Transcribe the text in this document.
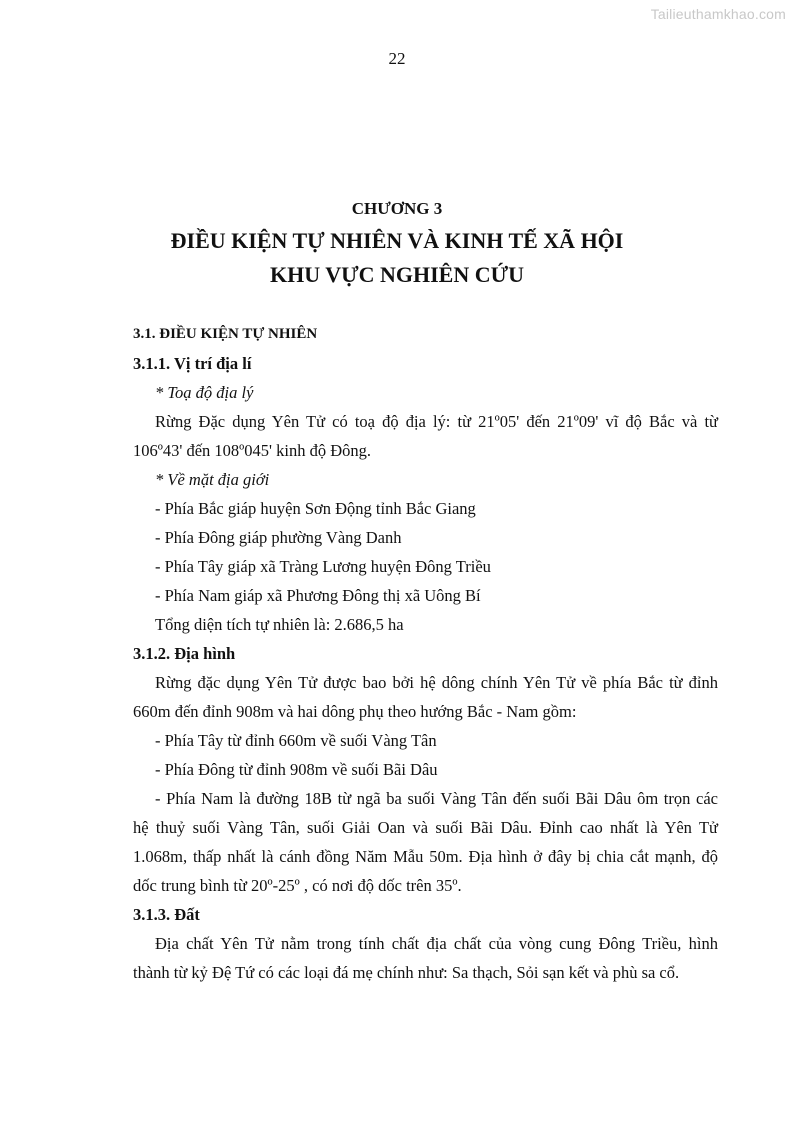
Tailieuthamkhao.com
22
CHƯƠNG 3
ĐIỀU KIỆN TỰ NHIÊN VÀ KINH TẾ XÃ HỘI
KHU VỰC NGHIÊN CỨU

3.1. ĐIỀU KIỆN TỰ NHIÊN

3.1.1. Vị trí địa lí

* Toạ độ địa lý

Rừng Đặc dụng Yên Tử có toạ độ địa lý: từ 21º05' đến 21º09' vĩ độ Bắc và từ

106º43' đến 108º045' kinh độ Đông.

* Về mặt địa giới

- Phía Bắc giáp huyện Sơn Động tỉnh Bắc Giang

- Phía Đông giáp phường Vàng Danh

- Phía Tây giáp xã Tràng Lương huyện Đông Triều

- Phía Nam giáp xã Phương Đông thị xã Uông Bí

Tổng diện tích tự nhiên là: 2.686,5 ha

3.1.2. Địa hình

Rừng đặc dụng Yên Tử được bao bởi hệ dông chính Yên Tử về phía Bắc từ đỉnh

660m đến đỉnh 908m và hai dông phụ theo hướng Bắc - Nam gồm:

- Phía Tây từ đỉnh 660m về suối Vàng Tân

- Phía Đông từ đỉnh 908m về suối Bãi Dâu

- Phía Nam là đường 18B từ ngã ba suối Vàng Tân đến suối Bãi Dâu ôm trọn các

hệ thuỷ suối Vàng Tân, suối Giải Oan và suối Bãi Dâu. Đỉnh cao nhất là Yên Tử

1.068m, thấp nhất là cánh đồng Năm Mẫu 50m. Địa hình ở đây bị chia cắt mạnh, độ

dốc trung bình từ 20º-25º , có nơi độ dốc trên 35º.

3.1.3. Đất

Địa chất Yên Tử nằm trong tính chất địa chất của vòng cung Đông Triều, hình

thành từ kỷ Đệ Tứ có các loại đá mẹ chính như: Sa thạch, Sỏi sạn kết và phù sa cổ.
